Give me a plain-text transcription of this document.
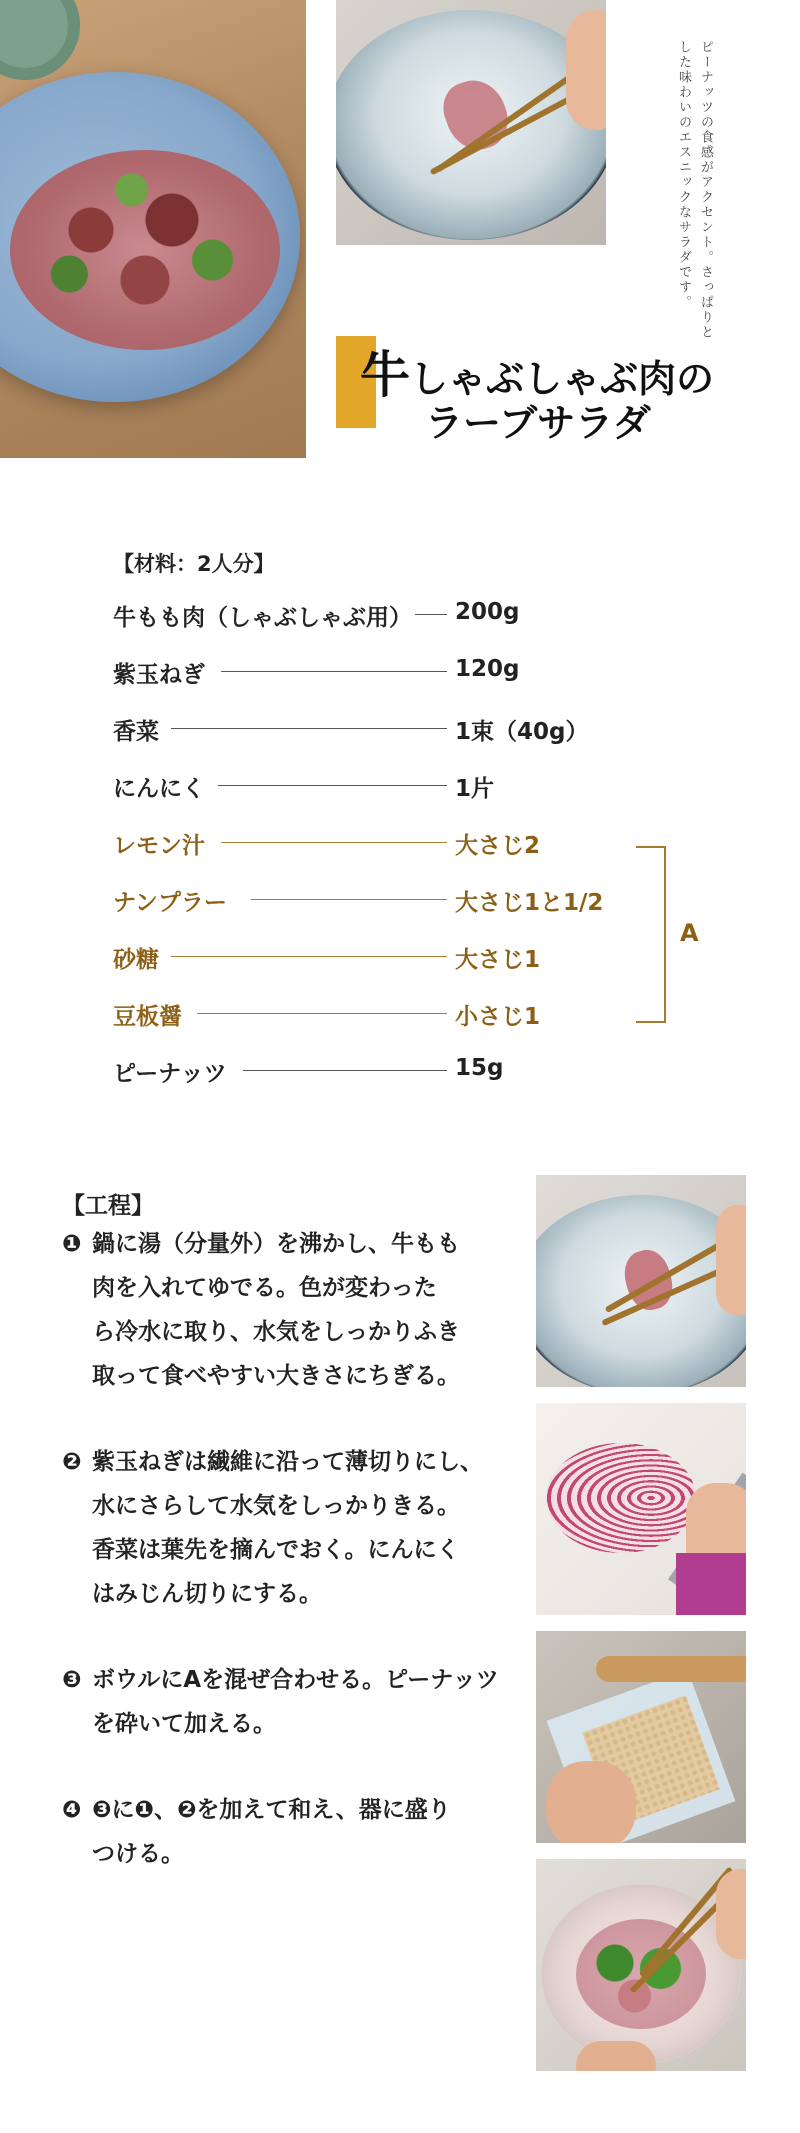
ピーナッツの食感がアクセント。さっぱりとした味わいのエスニックなサラダです。
牛しゃぶしゃぶ肉の
ラーブサラダ
【材料：2人分】
牛もも肉（しゃぶしゃぶ用） 200g
紫玉ねぎ	120g
香菜	1束（40g）
にんにく	1片
レモン汁	大さじ2
ナンプラー	大さじ1と1/2
砂糖	大さじ1
豆板醤	小さじ1
ピーナッツ	15g
A
【工程】
❶ 鍋に湯（分量外）を沸かし、牛もも
肉を入れてゆでる。色が変わった
ら冷水に取り、水気をしっかりふき
取って食べやすい大きさにちぎる。
❷ 紫玉ねぎは繊維に沿って薄切りにし、
水にさらして水気をしっかりきる。
香菜は葉先を摘んでおく。にんにく
はみじん切りにする。
❸ ボウルにAを混ぜ合わせる。ピーナッツ
を砕いて加える。
❹ ❸に❶、❷を加えて和え、器に盛り
つける。
